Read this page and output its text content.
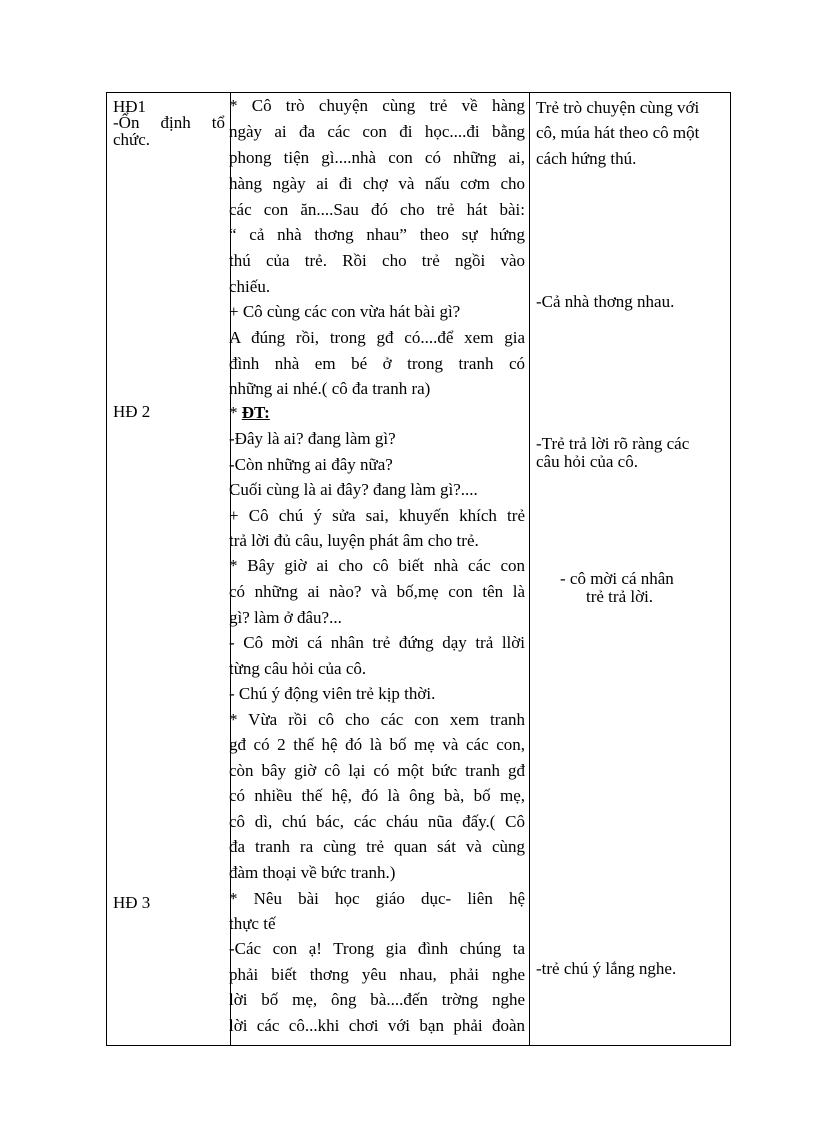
HĐ1
-Ổn định tổ
chức.
HĐ 2
HĐ 3
* Cô trò chuyện cùng trẻ về hàng
ngày ai đa các con đi học....đi bằng
phong tiện gì....nhà con có những ai,
hàng ngày ai đi chợ và nấu cơm cho
các con ăn....Sau đó cho trẻ hát bài:
“ cả nhà thơng nhau” theo sự hứng
thú của trẻ. Rồi cho trẻ ngồi vào
chiếu.
+ Cô cùng các con vừa hát bài gì?
A đúng rồi, trong gđ có....để xem gia
đình nhà em bé ở trong tranh có
những ai nhé.( cô đa tranh ra)
* ĐT:
-Đây là ai? đang làm gì?
-Còn những ai đây nữa?
Cuối cùng là ai đây? đang làm gì?....
+ Cô chú ý sửa sai, khuyến khích trẻ
trả lời đủ câu, luyện phát âm cho trẻ.
* Bây giờ ai cho cô biết nhà các con
có những ai nào? và bố,mẹ con tên là
gì? làm ở đâu?...
- Cô mời cá nhân trẻ đứng dạy trả llời
từng câu hỏi của cô.
- Chú ý động viên trẻ kịp thời.
* Vừa rồi cô cho các con xem tranh
gđ có 2 thế hệ đó là bố mẹ và các con,
còn bây giờ cô lại có một bức tranh gđ
có nhiều thế hệ, đó là ông bà, bố mẹ,
cô dì, chú bác, các cháu nũa đấy.( Cô
đa tranh ra cùng trẻ quan sát và cùng
đàm thoại về bức tranh.)
* Nêu bài học giáo dục- liên hệ
thực tế
-Các con ạ! Trong gia đình chúng ta
phải biết thơng yêu nhau, phải nghe
lời bố mẹ, ông bà....đến trờng nghe
lời các cô...khi chơi với bạn phải đoàn
Trẻ trò chuyện cùng với
cô, múa hát theo cô một
cách hứng thú.
-Cả nhà thơng nhau.
-Trẻ trả lời rõ ràng các
câu hỏi của cô.
- cô mời cá nhân
trẻ trả lời.
-trẻ chú ý lắng nghe.
